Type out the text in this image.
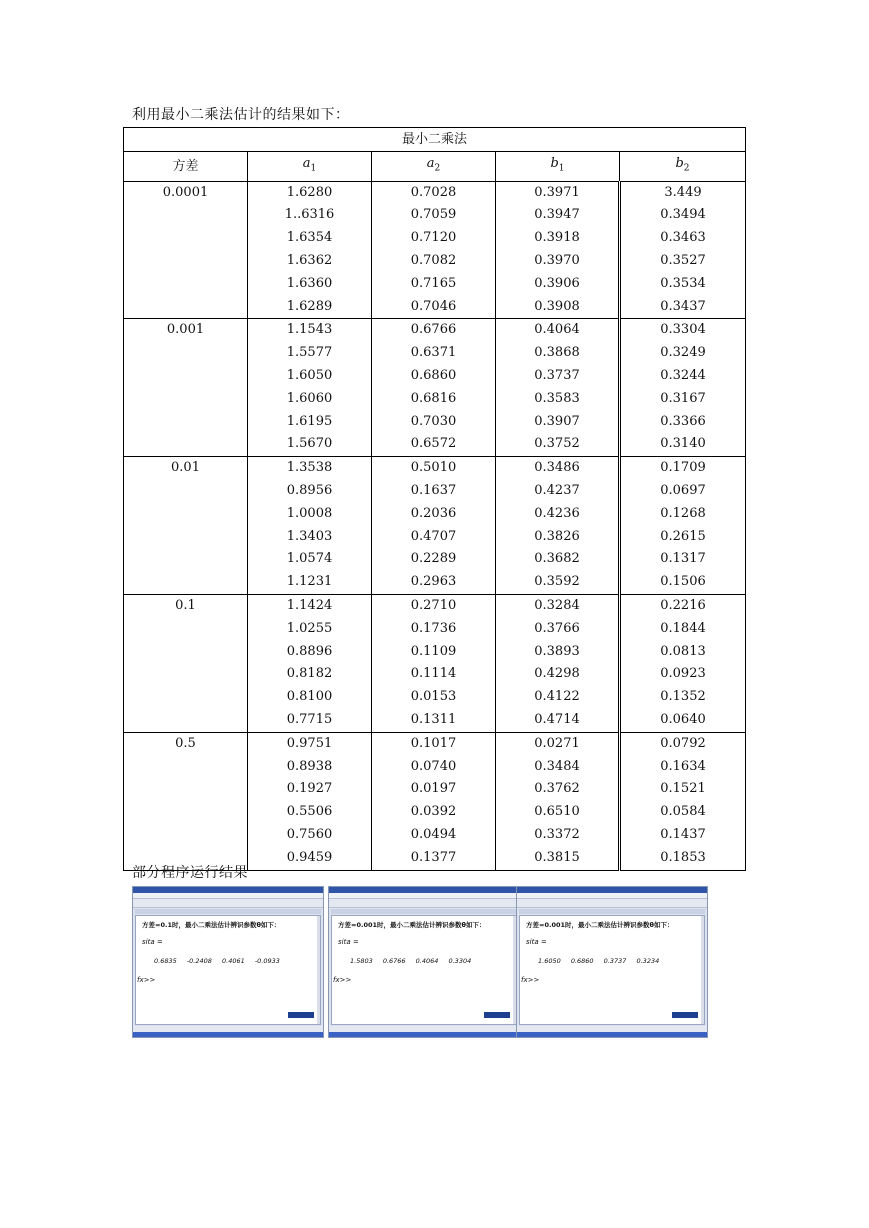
利用最小二乘法估计的结果如下：
最小二乘法				
方差	$a_1$	$a_2$	$b_1$	$b_2$
0.0001	1.6280	0.7028	0.3971	3.449
	1..6316	0.7059	0.3947	0.3494
	1.6354	0.7120	0.3918	0.3463
	1.6362	0.7082	0.3970	0.3527
	1.6360	0.7165	0.3906	0.3534
	1.6289	0.7046	0.3908	0.3437
0.001	1.1543	0.6766	0.4064	0.3304
	1.5577	0.6371	0.3868	0.3249
	1.6050	0.6860	0.3737	0.3244
	1.6060	0.6816	0.3583	0.3167
	1.6195	0.7030	0.3907	0.3366
	1.5670	0.6572	0.3752	0.3140
0.01	1.3538	0.5010	0.3486	0.1709
	0.8956	0.1637	0.4237	0.0697
	1.0008	0.2036	0.4236	0.1268
	1.3403	0.4707	0.3826	0.2615
	1.0574	0.2289	0.3682	0.1317
	1.1231	0.2963	0.3592	0.1506
0.1	1.1424	0.2710	0.3284	0.2216
	1.0255	0.1736	0.3766	0.1844
	0.8896	0.1109	0.3893	0.0813
	0.8182	0.1114	0.4298	0.0923
	0.8100	0.0153	0.4122	0.1352
	0.7715	0.1311	0.4714	0.0640
0.5	0.9751	0.1017	0.0271	0.0792
	0.8938	0.0740	0.3484	0.1634
	0.1927	0.0197	0.3762	0.1521
	0.5506	0.0392	0.6510	0.0584
	0.7560	0.0494	0.3372	0.1437
	0.9459	0.1377	0.3815	0.1853
部分程序运行结果
方差=0.1时，最小二乘法估计辨识参数θ如下：
sita =
0.6835 -0.2408 0.4061 -0.0933
fx>>
方差=0.001时，最小二乘法估计辨识参数θ如下：
sita =
1.5803 0.6766 0.4064 0.3304
fx>>
方差=0.001时，最小二乘法估计辨识参数θ如下：
sita =
1.6050 0.6860 0.3737 0.3234
fx>>
